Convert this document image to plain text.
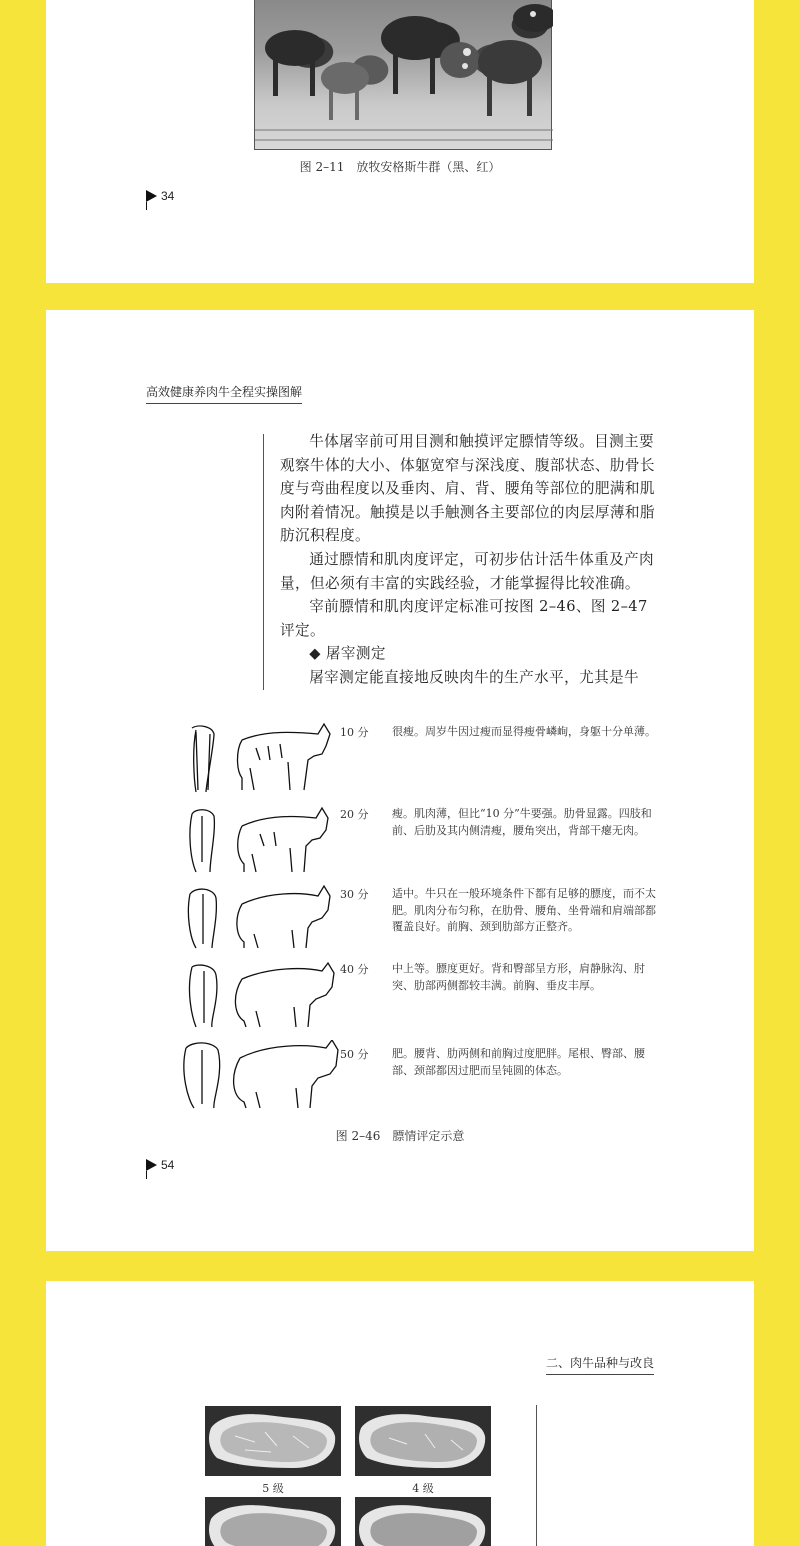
图 2–11　放牧安格斯牛群（黑、红）
34
高效健康养肉牛全程实操图解

牛体屠宰前可用目测和触摸评定膘情等级。目测主要观察牛体的大小、体躯宽窄与深浅度、腹部状态、肋骨长度与弯曲程度以及垂肉、肩、背、腰角等部位的肥满和肌肉附着情况。触摸是以手触测各主要部位的肉层厚薄和脂肪沉积程度。

通过膘情和肌肉度评定，可初步估计活牛体重及产肉量，但必须有丰富的实践经验，才能掌握得比较准确。

宰前膘情和肌肉度评定标准可按图 2–46、图 2–47评定。

◆ 屠宰测定

屠宰测定能直接地反映肉牛的生产水平，尤其是牛

10 分 很瘦。周岁牛因过瘦而显得瘦骨嶙峋，身躯十分单薄。
20 分 瘦。肌肉薄，但比“10 分”牛要强。肋骨显露。四肢和前、后肋及其内侧清瘦，腰角突出，背部干瘪无肉。
30 分 适中。牛只在一般环境条件下都有足够的膘度，而不太肥。肌肉分布匀称，在肋骨、腰角、坐骨端和肩端部都覆盖良好。前胸、颈到肋部方正整齐。
40 分 中上等。膘度更好。背和臀部呈方形，肩静脉沟、肘突、肋部两侧都较丰满。前胸、垂皮丰厚。
50 分 肥。腰背、肋两侧和前胸过度肥胖。尾根、臀部、腰部、颈部都因过肥而呈钝圆的体态。
图 2–46　膘情评定示意
54
二、肉牛品种与改良
5 级	4 级
